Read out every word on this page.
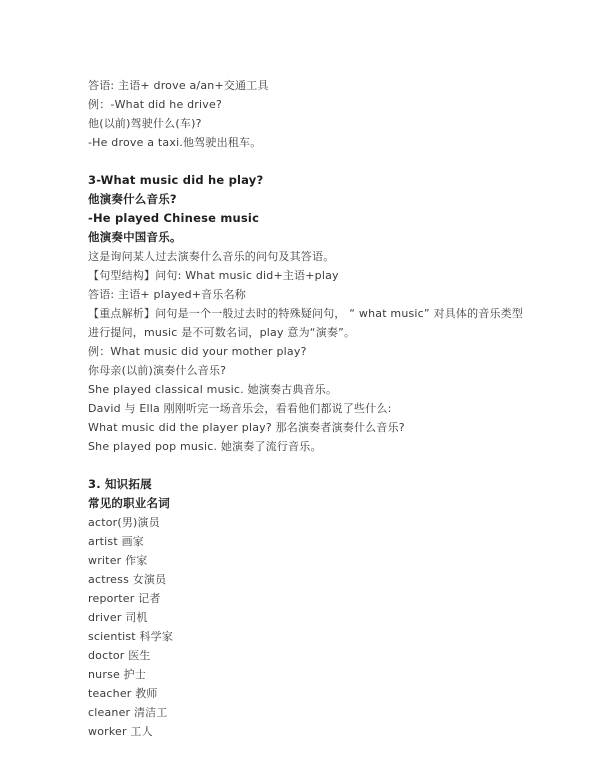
答语: 主语+ drove a/an+交通工具
例：-What did he drive?
他(以前)驾驶什么(车)?
-He drove a taxi.他驾驶出租车。
3-What music did he play?
他演奏什么音乐?
-He played Chinese music
他演奏中国音乐。
这是询问某人过去演奏什么音乐的问句及其答语。
【句型结构】问句: What music did+主语+play
答语: 主语+ played+音乐名称
【重点解析】问句是一个一般过去时的特殊疑问句， “ what music” 对具体的音乐类型
进行提问，music 是不可数名词，play 意为“演奏”。
例：What music did your mother play?
你母亲(以前)演奏什么音乐?
She played classical music. 她演奏古典音乐。
David 与 Ella 刚刚听完一场音乐会，看看他们都说了些什么:
What music did the player play? 那名演奏者演奏什么音乐?
She played pop music. 她演奏了流行音乐。
3. 知识拓展
常见的职业名词
actor(男)演员
artist 画家
writer 作家
actress 女演员
reporter 记者
driver 司机
scientist 科学家
doctor 医生
nurse 护士
teacher 教师
cleaner 清洁工
worker 工人
